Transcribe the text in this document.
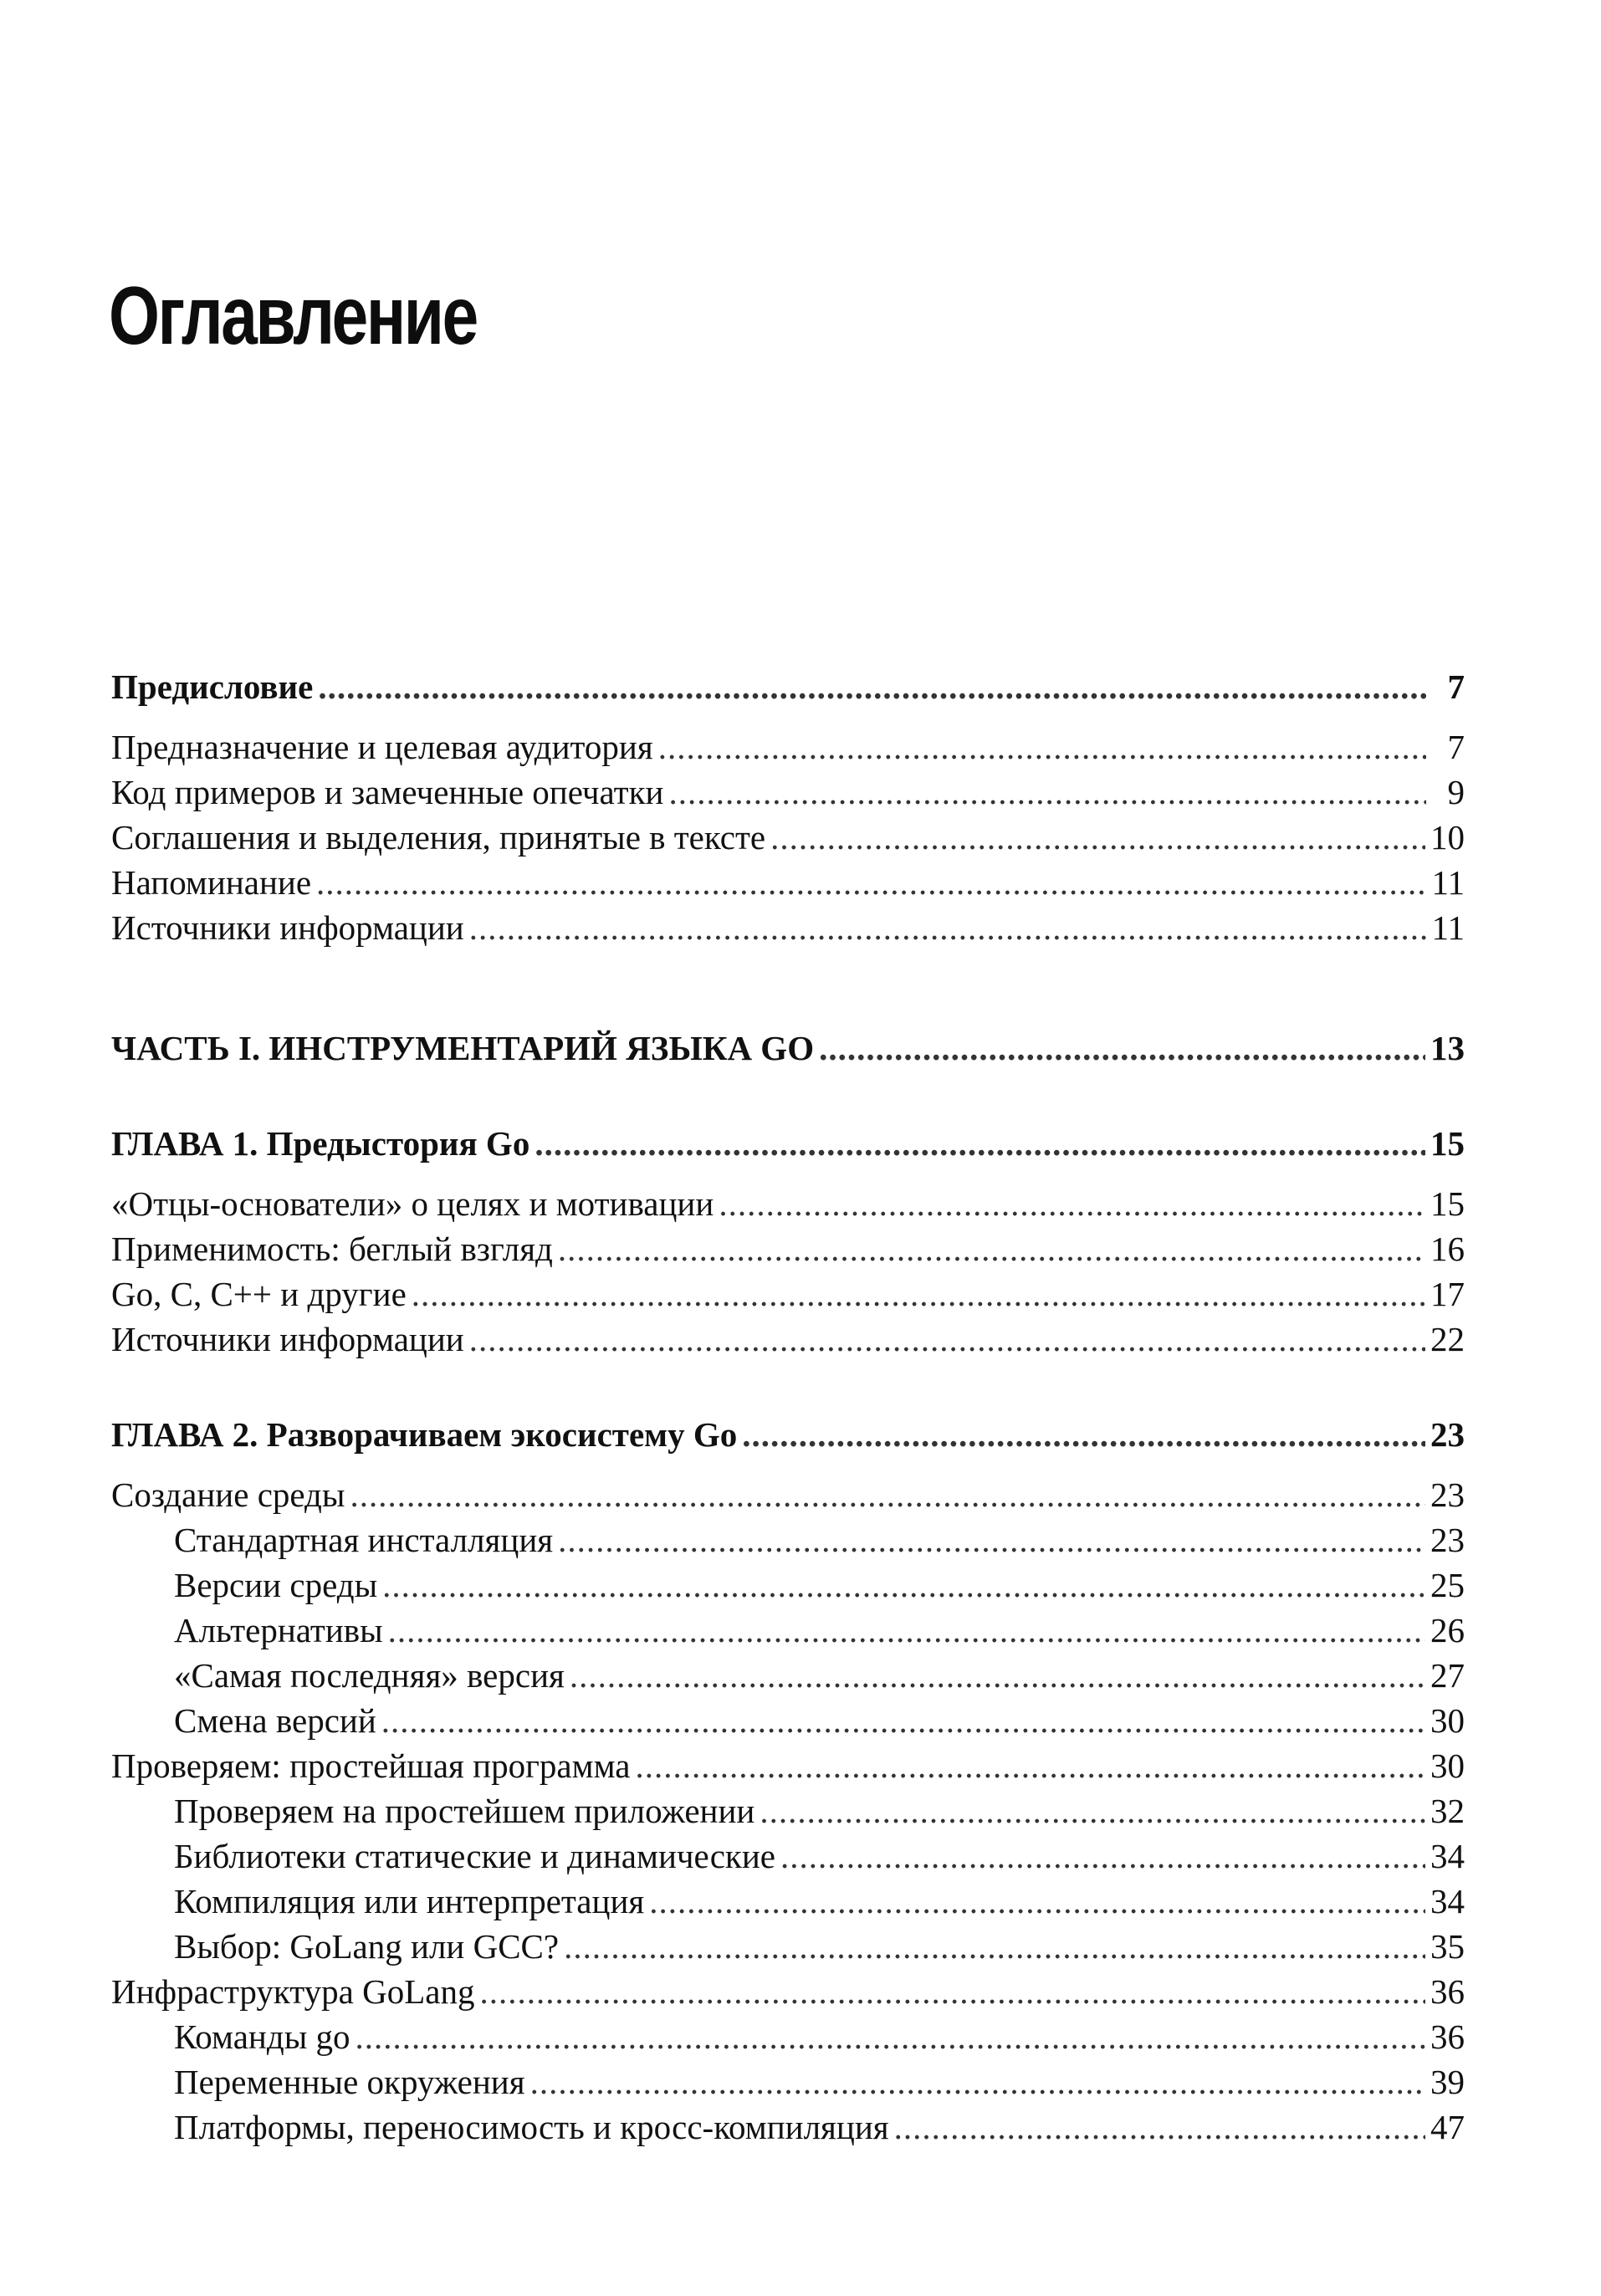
Оглавление
Предисловие .....	7
Предназначение и целевая аудитория .....	7
Код примеров и замеченные опечатки .....	9
Соглашения и выделения, принятые в тексте .....	10
Напоминание .....	11
Источники информации .....	11
ЧАСТЬ I. ИНСТРУМЕНТАРИЙ ЯЗЫКА GO .....	13
ГЛАВА 1. Предыстория Go .....	15
«Отцы-основатели» о целях и мотивации .....	15
Применимость: беглый взгляд .....	16
Go, C, C++ и другие .....	17
Источники информации .....	22
ГЛАВА 2. Разворачиваем экосистему Go .....	23
Создание среды .....	23
Стандартная инсталляция .....	23
Версии среды .....	25
Альтернативы .....	26
«Самая последняя» версия .....	27
Смена версий .....	30
Проверяем: простейшая программа .....	30
Проверяем на простейшем приложении .....	32
Библиотеки статические и динамические .....	34
Компиляция или интерпретация .....	34
Выбор: GoLang или GCC? .....	35
Инфраструктура GoLang .....	36
Команды go .....	36
Переменные окружения .....	39
Платформы, переносимость и кросс-компиляция .....	47
